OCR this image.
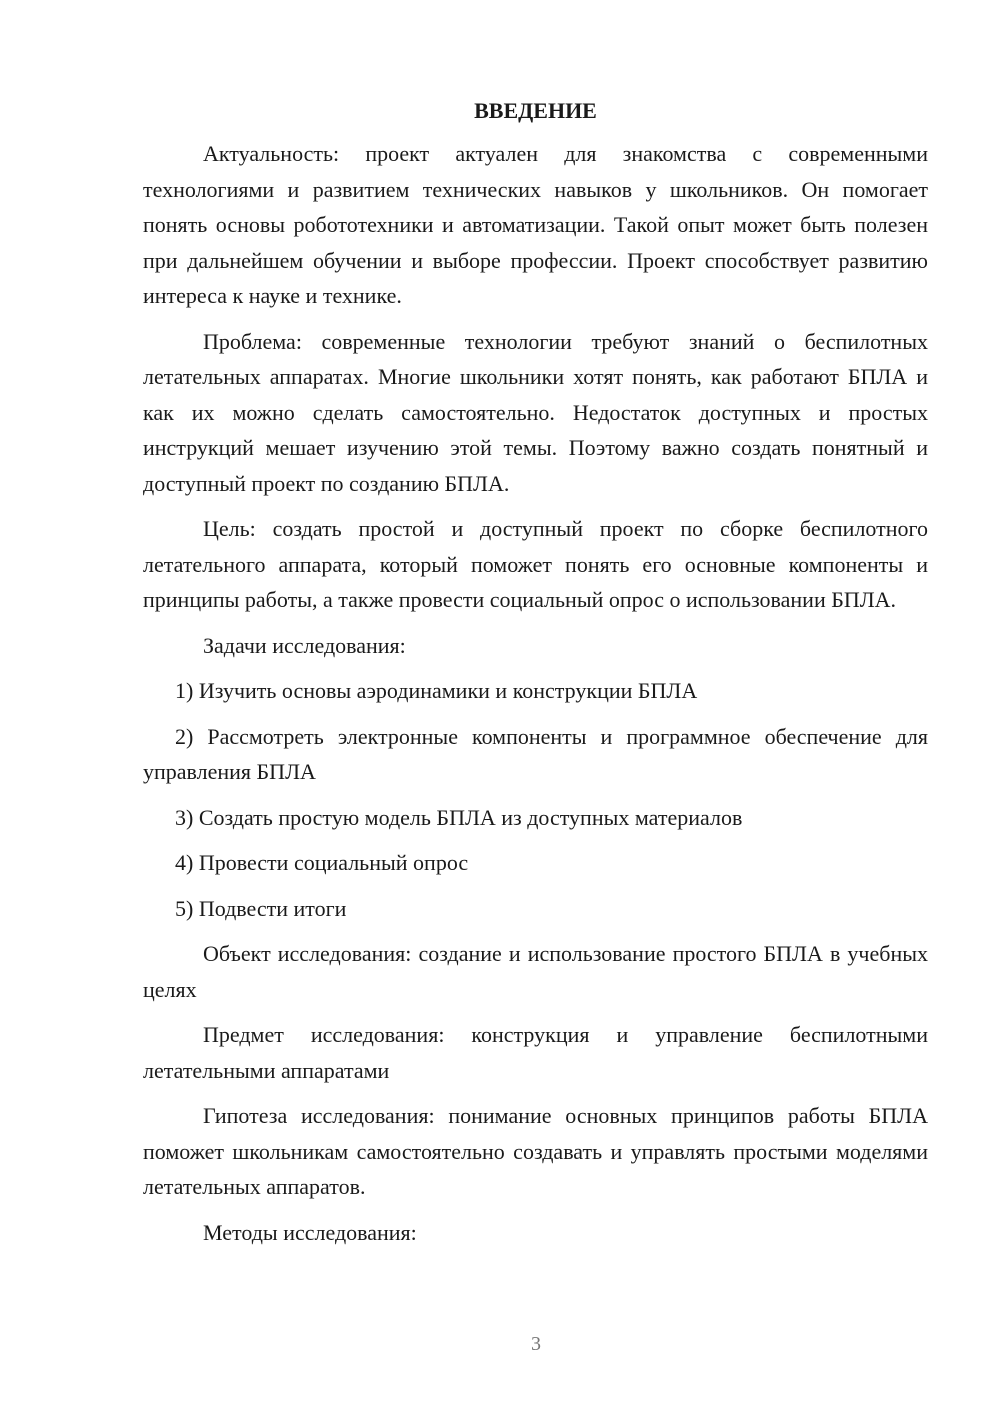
ВВЕДЕНИЕ

Актуальность: проект актуален для знакомства с современными технологиями и развитием технических навыков у школьников. Он помогает понять основы робототехники и автоматизации. Такой опыт может быть полезен при дальнейшем обучении и выборе профессии. Проект способствует развитию интереса к науке и технике.

Проблема: современные технологии требуют знаний о беспилотных летательных аппаратах. Многие школьники хотят понять, как работают БПЛА и как их можно сделать самостоятельно. Недостаток доступных и простых инструкций мешает изучению этой темы. Поэтому важно создать понятный и доступный проект по созданию БПЛА.

Цель: создать простой и доступный проект по сборке беспилотного летательного аппарата, который поможет понять его основные компоненты и принципы работы, а также провести социальный опрос о использовании БПЛА.

Задачи исследования:

1) Изучить основы аэродинамики и конструкции БПЛА

2) Рассмотреть электронные компоненты и программное обеспечение для управления БПЛА

3) Создать простую модель БПЛА из доступных материалов

4) Провести социальный опрос

5) Подвести итоги

Объект исследования: создание и использование простого БПЛА в учебных целях

Предмет исследования: конструкция и управление беспилотными летательными аппаратами

Гипотеза исследования: понимание основных принципов работы БПЛА поможет школьникам самостоятельно создавать и управлять простыми моделями летательных аппаратов.

Методы исследования:

3
